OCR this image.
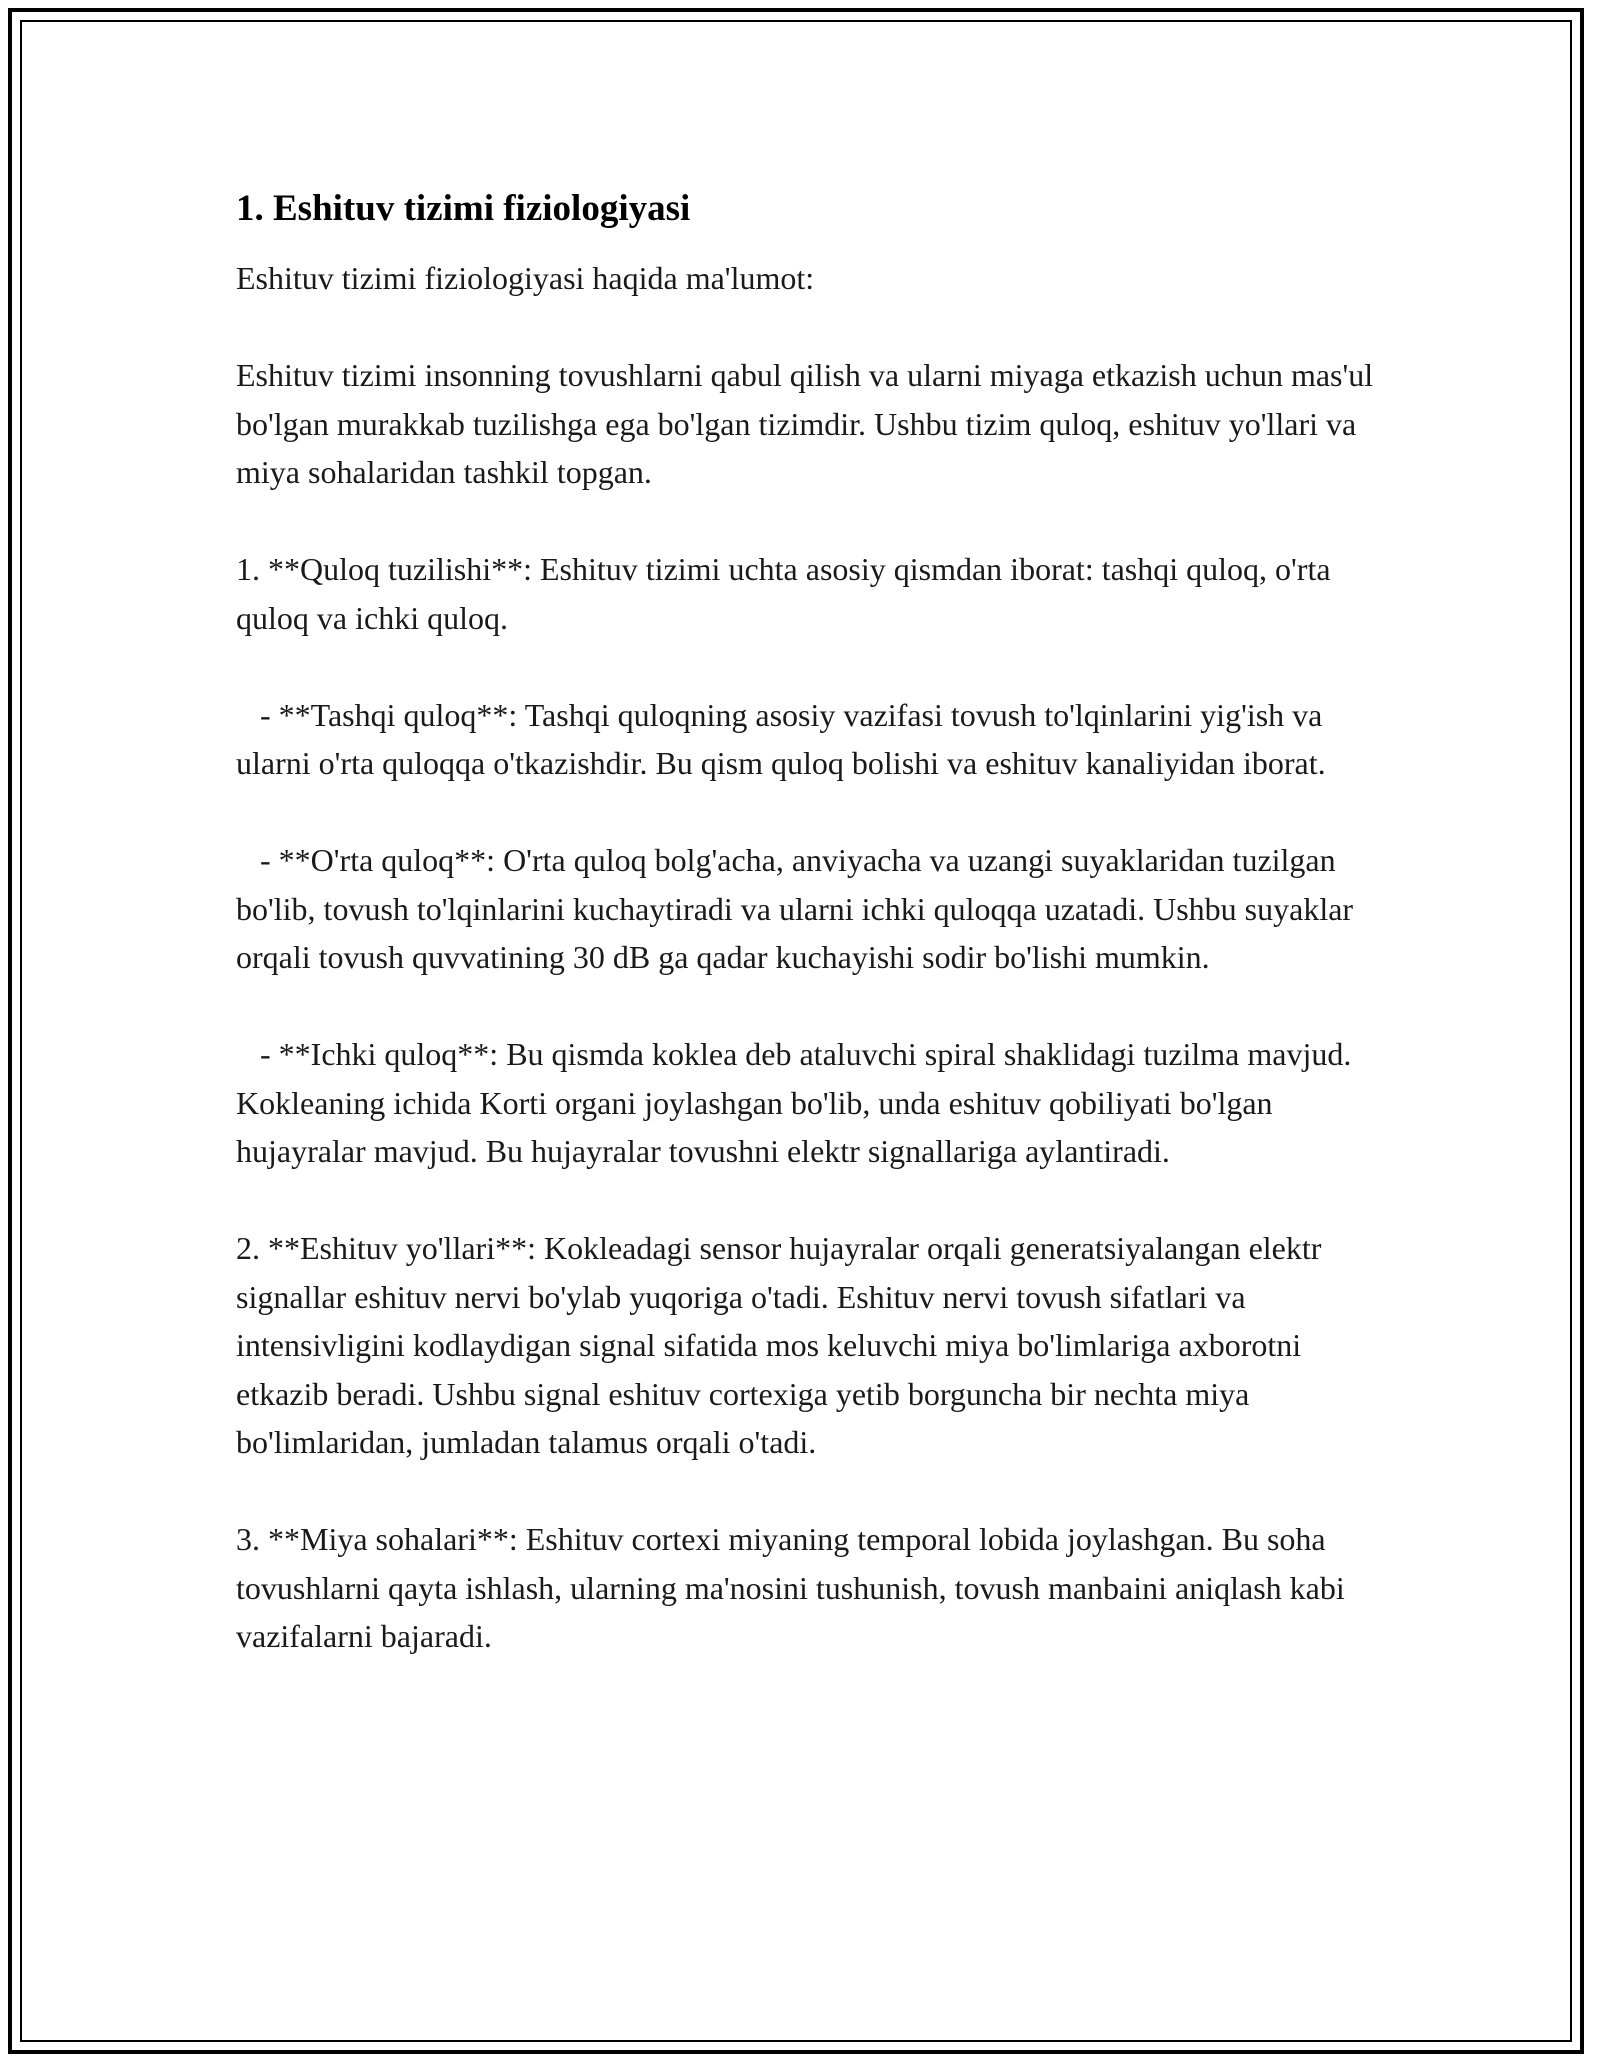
1. Eshituv tizimi fiziologiyasi

Eshituv tizimi fiziologiyasi haqida ma'lumot:

Eshituv tizimi insonning tovushlarni qabul qilish va ularni miyaga etkazish uchun mas'ul bo'lgan murakkab tuzilishga ega bo'lgan tizimdir. Ushbu tizim quloq, eshituv yo'llari va miya sohalaridan tashkil topgan.

1. **Quloq tuzilishi**: Eshituv tizimi uchta asosiy qismdan iborat: tashqi quloq, o'rta quloq va ichki quloq.

- **Tashqi quloq**: Tashqi quloqning asosiy vazifasi tovush to'lqinlarini yig'ish va ularni o'rta quloqqa o'tkazishdir. Bu qism quloq bolishi va eshituv kanaliyidan iborat.

- **O'rta quloq**: O'rta quloq bolg'acha, anviyacha va uzangi suyaklaridan tuzilgan bo'lib, tovush to'lqinlarini kuchaytiradi va ularni ichki quloqqa uzatadi. Ushbu suyaklar orqali tovush quvvatining 30 dB ga qadar kuchayishi sodir bo'lishi mumkin.

- **Ichki quloq**: Bu qismda koklea deb ataluvchi spiral shaklidagi tuzilma mavjud. Kokleaning ichida Korti organi joylashgan bo'lib, unda eshituv qobiliyati bo'lgan hujayralar mavjud. Bu hujayralar tovushni elektr signallariga aylantiradi.

2. **Eshituv yo'llari**: Kokleadagi sensor hujayralar orqali generatsiyalangan elektr signallar eshituv nervi bo'ylab yuqoriga o'tadi. Eshituv nervi tovush sifatlari va intensivligini kodlaydigan signal sifatida mos keluvchi miya bo'limlariga axborotni etkazib beradi. Ushbu signal eshituv cortexiga yetib borguncha bir nechta miya bo'limlaridan, jumladan talamus orqali o'tadi.

3. **Miya sohalari**: Eshituv cortexi miyaning temporal lobida joylashgan. Bu soha tovushlarni qayta ishlash, ularning ma'nosini tushunish, tovush manbaini aniqlash kabi vazifalarni bajaradi.
